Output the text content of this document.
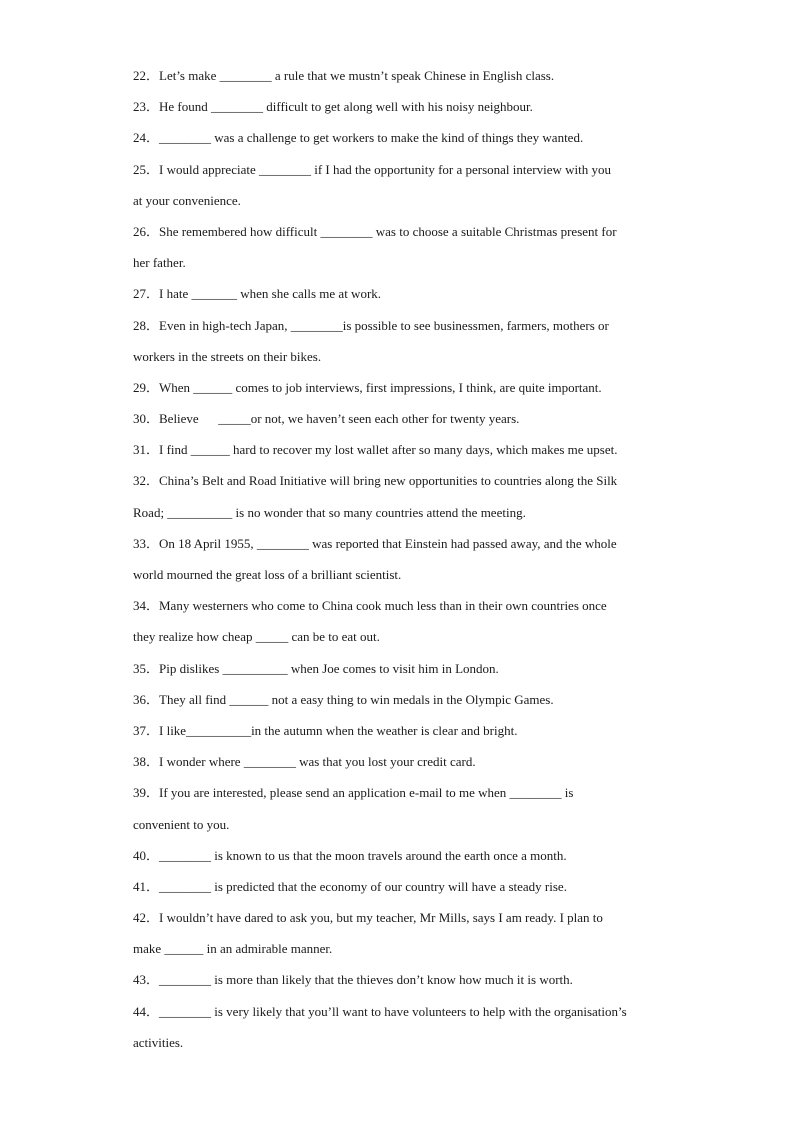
22．Let’s make ________ a rule that we mustn’t speak Chinese in English class.
23．He found ________ difficult to get along well with his noisy neighbour.
24．________ was a challenge to get workers to make the kind of things they wanted.
25．I would appreciate ________ if I had the opportunity for a personal interview with you
at your convenience.
26．She remembered how difficult ________ was to choose a suitable Christmas present for
her father.
27．I hate _______ when she calls me at work.
28．Even in high-tech Japan, ________is possible to see businessmen, farmers, mothers or
workers in the streets on their bikes.
29．When ______ comes to job interviews, first impressions, I think, are quite important.
30．Believe      _____or not, we haven’t seen each other for twenty years.
31．I find ______ hard to recover my lost wallet after so many days, which makes me upset.
32．China’s Belt and Road Initiative will bring new opportunities to countries along the Silk
Road; __________ is no wonder that so many countries attend the meeting.
33．On 18 April 1955, ________ was reported that Einstein had passed away, and the whole
world mourned the great loss of a brilliant scientist.
34．Many westerners who come to China cook much less than in their own countries once
they realize how cheap _____ can be to eat out.
35．Pip dislikes __________ when Joe comes to visit him in London.
36．They all find ______ not a easy thing to win medals in the Olympic Games.
37．I like__________in the autumn when the weather is clear and bright.
38．I wonder where ________ was that you lost your credit card.
39．If you are interested, please send an application e-mail to me when ________ is
convenient to you.
40．________ is known to us that the moon travels around the earth once a month.
41．________ is predicted that the economy of our country will have a steady rise.
42．I wouldn’t have dared to ask you, but my teacher, Mr Mills, says I am ready. I plan to
make ______ in an admirable manner.
43．________ is more than likely that the thieves don’t know how much it is worth.
44．________ is very likely that you’ll want to have volunteers to help with the organisation’s
activities.
